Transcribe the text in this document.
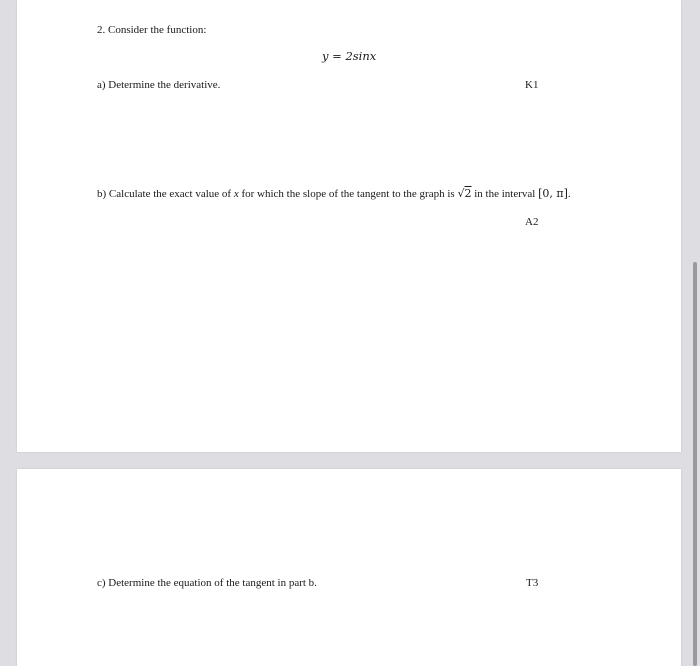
2. Consider the function:
y = 2sinx
a) Determine the derivative.	K1
b) Calculate the exact value of x for which the slope of the tangent to the graph is √2 in the interval [0, π].
A2
c) Determine the equation of the tangent in part b.	T3
